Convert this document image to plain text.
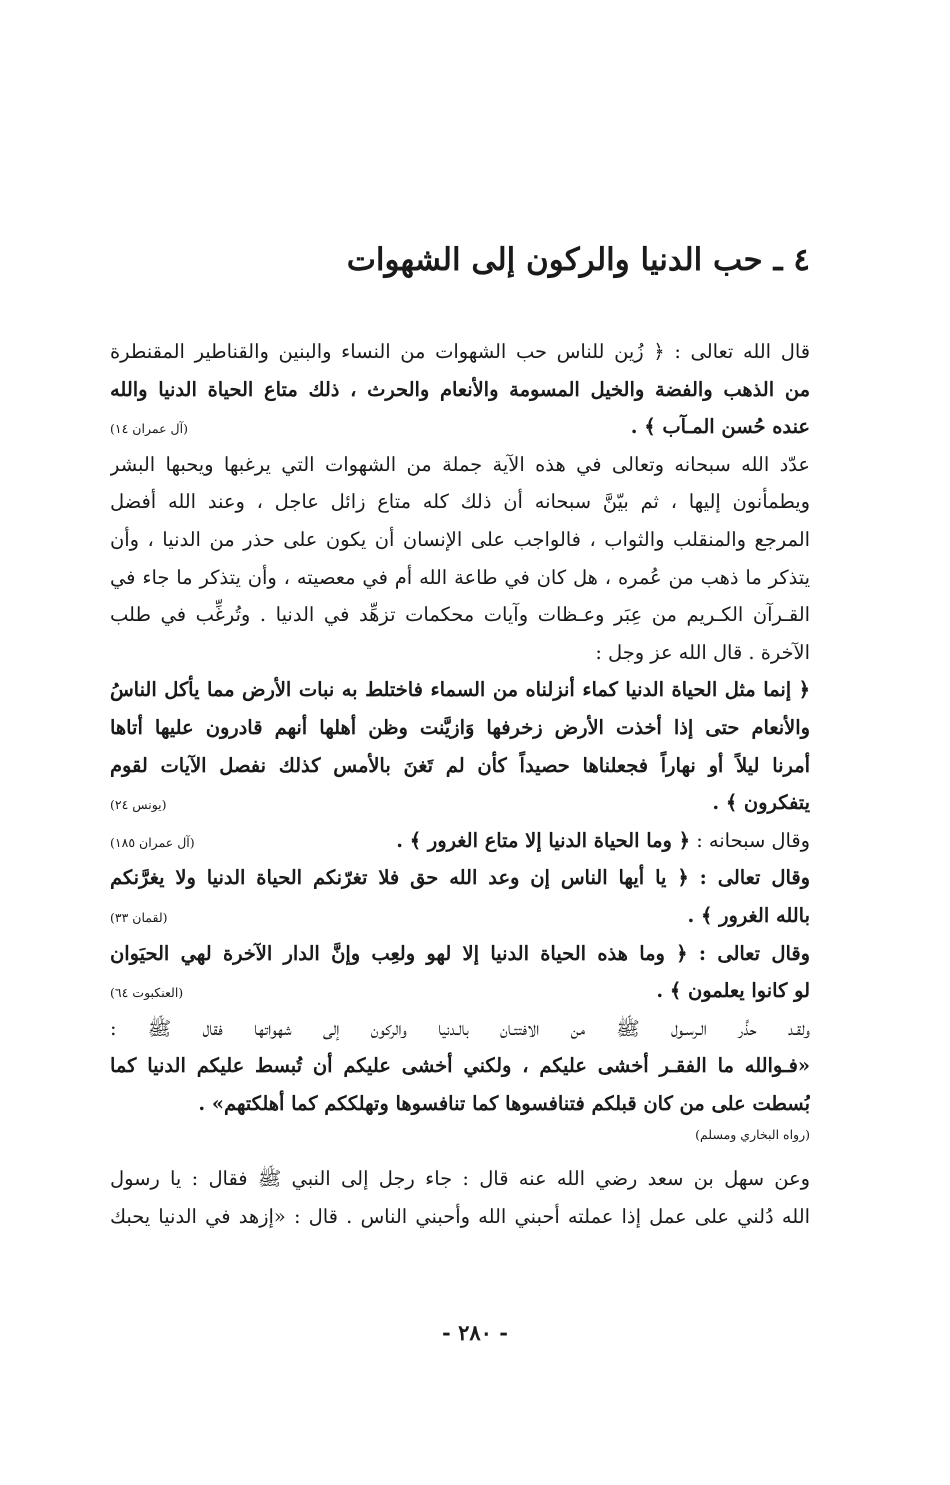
٤ ـ حب الدنيا والركون إلى الشهوات
قال الله تعالى : ﴿ زُين للناس حب الشهوات من النساء والبنين والقناطير المقنطرة
من الذهب والفضة والخيل المسومة والأنعام والحرث ، ذلك متاع الحياة الدنيا والله
عنده حُسن المـآب ﴾ .
(آل عمران ١٤)
عدّد الله سبحانه وتعالى في هذه الآية جملة من الشهوات التي يرغبها ويحبها البشر
ويطمأنون إليها ، ثم بيّنَّ سبحانه أن ذلك كله متاع زائل عاجل ، وعند الله أفضل
المرجع والمنقلب والثواب ، فالواجب على الإنسان أن يكون على حذر من الدنيا ، وأن
يتذكر ما ذهب من عُمره ، هل كان في طاعة الله أم في معصيته ، وأن يتذكر ما جاء في
القـرآن الكـريم من عِبَر وعـظات وآيات محكمات تزهِّد في الدنيا . وتُرغِّب في طلب
الآخرة . قال الله عز وجل :
﴿ إنما مثل الحياة الدنيا كماء أنزلناه من السماء فاختلط به نبات الأرض مما يأكل الناسُ
والأنعام حتى إذا أخذت الأرض زخرفها وَازيَّنت وظن أهلها أنهم قادرون عليها أتاها
أمرنا ليلاً أو نهاراً فجعلناها حصيداً كأن لم تَغنَ بالأمس كذلك نفصل الآيات لقوم
يتفكرون ﴾ .
(يونس ٢٤)
وقال سبحانه : ﴿ وما الحياة الدنيا إلا متاع الغرور ﴾ .
(آل عمران ١٨٥)
وقال تعالى : ﴿ يا أيها الناس إن وعد الله حق فلا تغرّنكم الحياة الدنيا ولا يغرَّنكم
بالله الغرور ﴾ .
(لقمان ٣٣)
وقال تعالى : ﴿ وما هذه الحياة الدنيا إلا لهو ولعِب وإنَّ الدار الآخرة لهي الحيَوان
لو كانوا يعلمون ﴾ .
(العنكبوت ٦٤)
ولقـد حذَّر الـرسـول ﷺ من الافتتـان بالـدنيا والركون إلى شهواتها فقال ﷺ :
«فـوالله ما الفقـر أخشى عليكم ، ولكني أخشى عليكم أن تُبسط عليكم الدنيا كما
بُسطت على من كان قبلكم فتنافسوها كما تنافسوها وتهلككم كما أهلكتهم» .
(رواه البخاري ومسلم)
وعن سهل بن سعد رضي الله عنه قال : جاء رجل إلى النبي ﷺ فقال : يا رسول
الله دُلني على عمل إذا عملته أحبني الله وأحبني الناس . قال : «إزهد في الدنيا يحبك
- ٢٨٠ -
